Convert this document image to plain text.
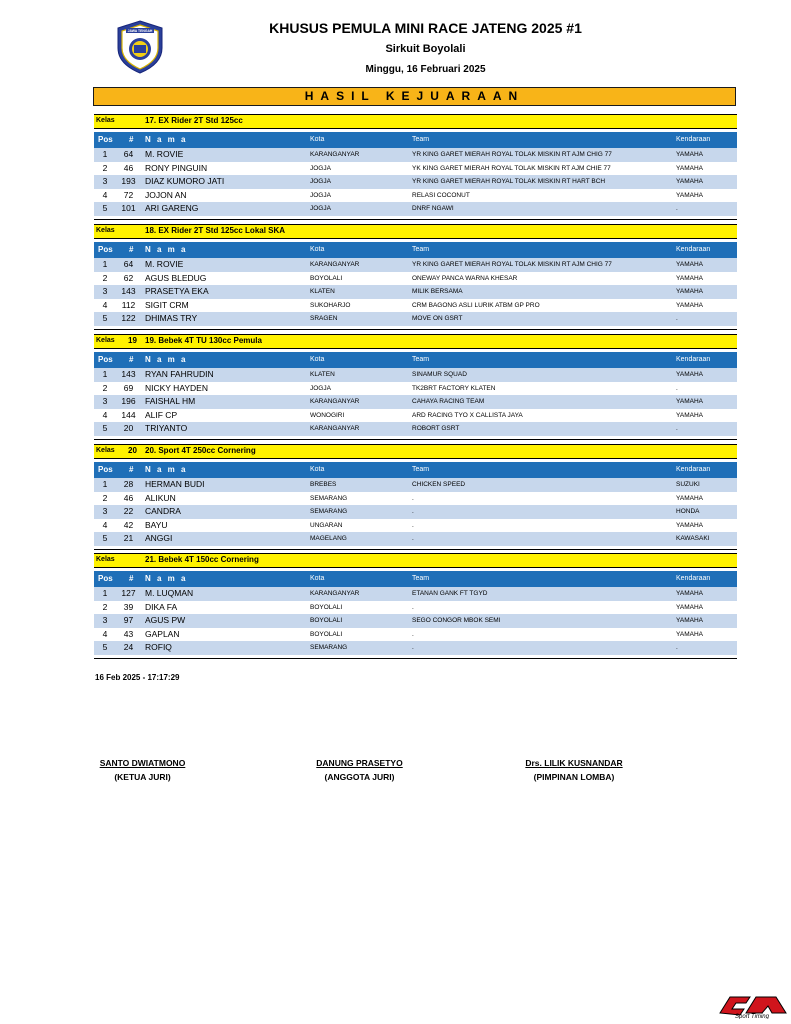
JAWA TENGAH	KHUSUS PEMULA MINI RACE JATENG 2025 #1
Sirkuit Boyolali
Minggu, 16 Februari 2025
HASIL KEJUARAAN
Kelas	17. EX Rider 2T Std 125cc
Pos # N a m a	Kota	Team	Kendaraan
1	64	M. ROVIE	KARANGANYAR	YR KING GARET MIERAH ROYAL TOLAK MISKIN RT AJM CHIG 77	YAMAHA
2	46	RONY PINGUIN	JOGJA	YK KING GARET MIERAH ROYAL TOLAK MISKIN RT AJM CHIE 77	YAMAHA
3	193	DIAZ KUMORO JATI	JOGJA	YR KING GARET MIERAH ROYAL TOLAK MISKIN RT HART BCH	YAMAHA
4	72	JOJON AN	JOGJA	RELASI COCONUT	YAMAHA
5	101	ARI GARENG	JOGJA	DNRF NGAWI	.
Kelas	18. EX Rider 2T Std 125cc Lokal SKA
Pos # N a m a	Kota	Team	Kendaraan
1	64	M. ROVIE	KARANGANYAR	YR KING GARET MIERAH ROYAL TOLAK MISKIN RT AJM CHIG 77	YAMAHA
2	62	AGUS BLEDUG	BOYOLALI	ONEWAY PANCA WARNA KHESAR	YAMAHA
3	143	PRASETYA EKA	KLATEN	MILIK BERSAMA	YAMAHA
4	112	SIGIT CRM	SUKOHARJO	CRM BAGONG ASLI LURIK ATBM GP PRO	YAMAHA
5	122	DHIMAS TRY	SRAGEN	MOVE ON GSRT	.
Kelas 19 19. Bebek 4T TU 130cc Pemula
Pos # N a m a	Kota	Team	Kendaraan
1	143	RYAN FAHRUDIN	KLATEN	SINAMUR SQUAD	YAMAHA
2	69	NICKY HAYDEN	JOGJA	TK2BRT FACTORY KLATEN	.
3	196	FAISHAL HM	KARANGANYAR	CAHAYA RACING TEAM	YAMAHA
4	144	ALIF CP	WONOGIRI	ARD RACING TYO X CALLISTA JAYA	YAMAHA
5	20	TRIYANTO	KARANGANYAR	ROBORT GSRT	.
Kelas 20 20. Sport 4T 250cc Cornering
Pos # N a m a	Kota	Team	Kendaraan
1	28	HERMAN BUDI	BREBES	CHICKEN SPEED	SUZUKI
2	46	ALIKUN	SEMARANG	.	YAMAHA
3	22	CANDRA	SEMARANG	.	HONDA
4	42	BAYU	UNGARAN	.	YAMAHA
5	21	ANGGI	MAGELANG	.	KAWASAKI
Kelas	21. Bebek 4T 150cc Cornering
Pos # N a m a	Kota	Team	Kendaraan
1	127	M. LUQMAN	KARANGANYAR	ETANAN GANK FT TGYD	YAMAHA
2	39	DIKA FA	BOYOLALI	.	YAMAHA
3	97	AGUS PW	BOYOLALI	SEGO CONGOR MBOK SEMI	YAMAHA
4	43	GAPLAN	BOYOLALI	.	YAMAHA
5	24	ROFIQ	SEMARANG	.	.
16 Feb 2025 - 17:17:29
SANTO DWIATMONO
(KETUA JURI)
DANUNG PRASETYO
(ANGGOTA JURI)
Drs. LILIK KUSNANDAR
(PIMPINAN LOMBA)
Sport Timing
